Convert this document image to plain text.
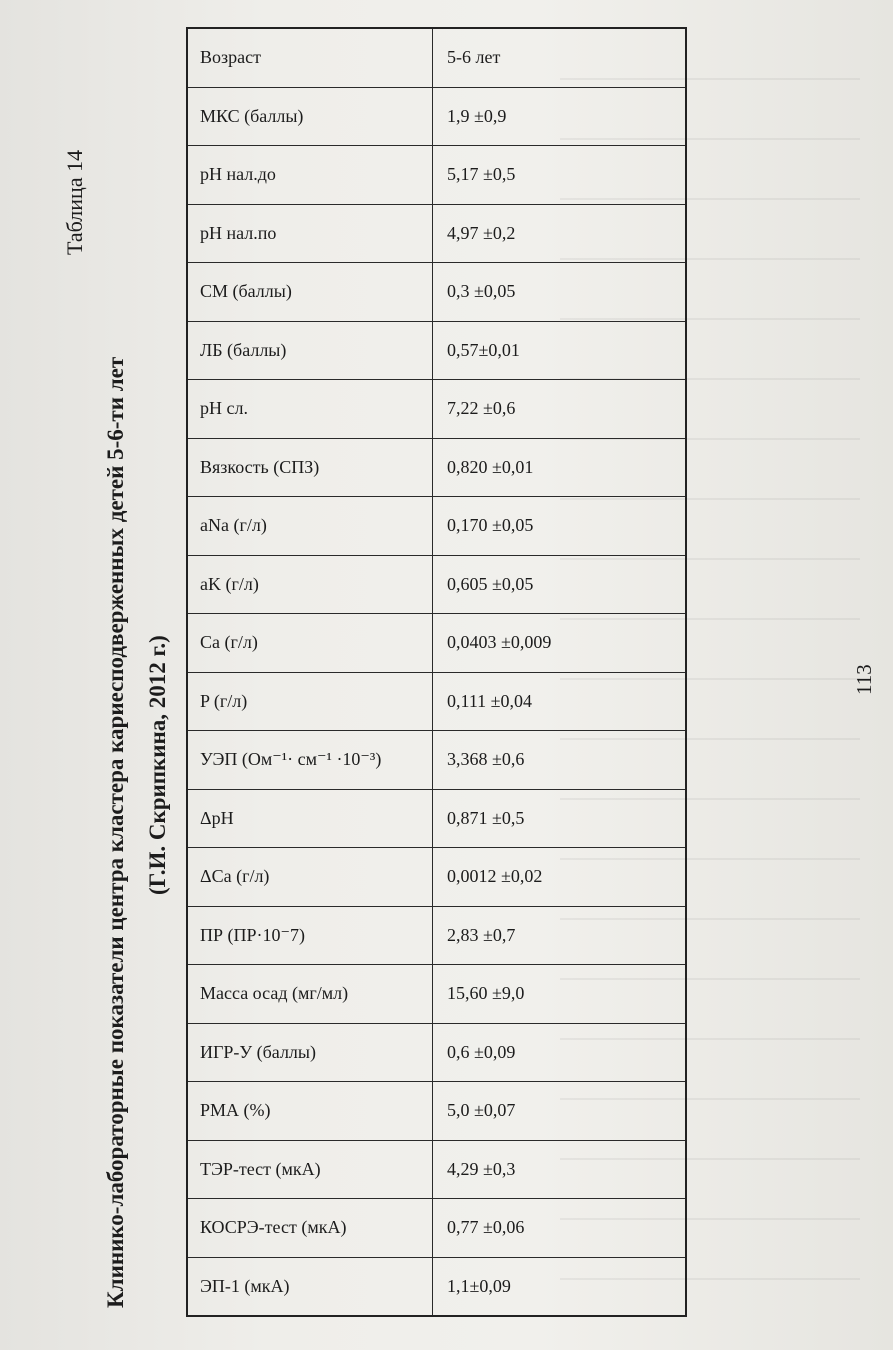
Таблица 14
Клинико-лабораторные показатели центра кластера кариесподверженных детей 5-6-ти лет (Г.И. Скрипкина, 2012 г.)
Возраст	5-6 лет
МКС (баллы)	1,9 ±0,9
рН нал.до	5,17 ±0,5
рН нал.по	4,97 ±0,2
СМ (баллы)	0,3 ±0,05
ЛБ (баллы)	0,57±0,01
рН сл.	7,22 ±0,6
Вязкость (СПЗ)	0,820 ±0,01
aNa (г/л)	0,170 ±0,05
aK (г/л)	0,605 ±0,05
Ca (г/л)	0,0403 ±0,009
P (г/л)	0,111 ±0,04
УЭП (Ом⁻¹· см⁻¹ ·10⁻³)	3,368 ±0,6
ΔpH	0,871 ±0,5
ΔCa (г/л)	0,0012 ±0,02
ПР (ПР·10⁻7)	2,83 ±0,7
Масса осад (мг/мл)	15,60 ±9,0
ИГР-У (баллы)	0,6 ±0,09
РМА (%)	5,0 ±0,07
ТЭР-тест (мкА)	4,29 ±0,3
КОСРЭ-тест (мкА)	0,77 ±0,06
ЭП-1 (мкА)	1,1±0,09
113
